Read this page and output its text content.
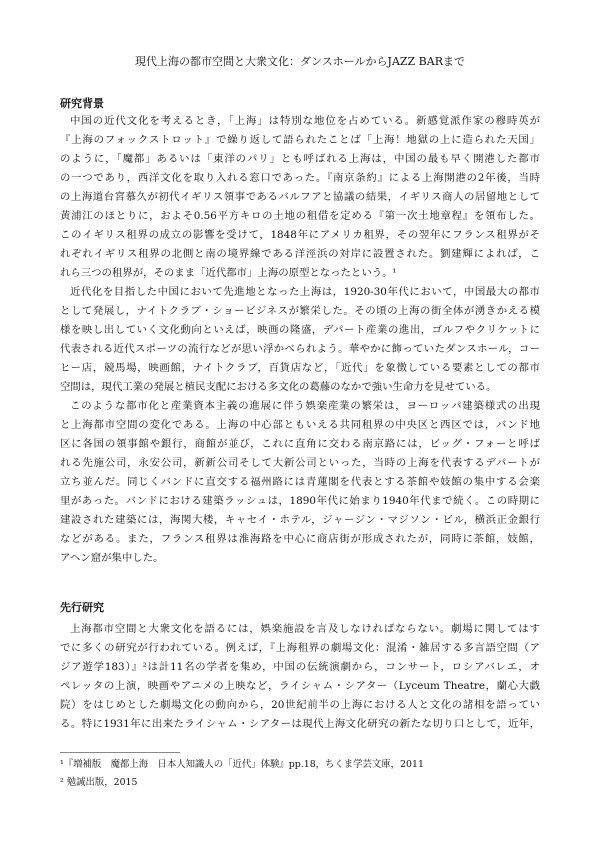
現代上海の都市空間と大衆文化：ダンスホールからJAZZ BARまで
研究背景
中国の近代文化を考えるとき，「上海」は特別な地位を占めている。新感覚派作家の穆時英が
『上海のフォックストロット』で繰り返して語られたことば「上海！地獄の上に造られた天国」
のように，「魔都」あるいは「東洋のパリ」とも呼ばれる上海は，中国の最も早く開港した都市
の一つであり，西洋文化を取り入れる窓口であった。『南京条約』による上海開港の2年後，当時
の上海道台宮慕久が初代イギリス領事であるバルフアと協議の結果，イギリス商人の居留地として
黄浦江のほとりに，およそ0.56平方キロの土地の租借を定める『第一次土地章程』を領布した。
このイギリス租界の成立の影響を受けて，1848年にアメリカ租界，その翌年にフランス租界がそ
れぞれイギリス租界の北側と南の境界線である洋涇浜の対岸に設置された。劉建輝によれば，こ
れら三つの租界が，そのまま「近代都市」上海の原型となったという。¹
近代化を目指した中国において先進地となった上海は，1920-30年代において，中国最大の都市
として発展し，ナイトクラブ・ショービジネスが繁栄した。その頃の上海の街全体が湧きかえる模
様を映し出していく文化動向といえば，映画の隆盛，デパート産業の進出，ゴルフやクリケットに
代表される近代スポーツの流行などが思い浮かべられよう。華やかに飾っていたダンスホール，コー
ヒー店，競馬場，映画館，ナイトクラブ，百貨店など，「近代」を象徴している要素としての都市
空間は，現代工業の発展と植民支配における多文化の葛藤のなかで強い生命力を見せている。
このような都市化と産業資本主義の進展に伴う娯楽産業の繁栄は，ヨーロッパ建築様式の出現
と上海都市空間の変化である。上海の中心部ともいえる共同租界の中央区と西区では，バンド地
区に各国の領事館や銀行，商館が並び，これに直角に交わる南京路には，ビッグ・フォーと呼ば
れる先施公司，永安公司，新新公司そして大新公司といった，当時の上海を代表するデパートが
立ち並んだ。同じくバンドに直交する福州路には青蓮閣を代表とする茶館や妓館の集中する会楽
里があった。バンドにおける建築ラッシュは，1890年代に始まり1940年代まで続く。この時期に
建設された建築には，海関大楼，キャセイ・ホテル，ジャージン・マジソン・ビル，横浜正金銀行
などがある。また，フランス租界は淮海路を中心に商店街が形成されたが，同時に茶館，妓館，
アヘン窟が集中した。
先行研究
上海都市空間と大衆文化を語るには，娯楽施設を言及しなければならない。劇場に関してはす
でに多くの研究が行われている。例えば，『上海租界の劇場文化：混淆・雑居する多言語空間（ア
ジア遊学183）』²は計11名の学者を集め，中国の伝統演劇から，コンサート，ロシアバレエ，オ
ペレッタの上演，映画やアニメの上映など，ライシャム・シアター（Lyceum Theatre，蘭心大戯
院）をはじめとした劇場文化の動向から，20世紀前半の上海における人と文化の諸相を語ってい
る。特に1931年に出来たライシャム・シアターは現代上海文化研究の新たな切り口として，近年，
¹『増補版　魔都上海　日本人知識人の「近代」体験』pp.18，ちくま学芸文庫，2011
² 勉誠出版，2015
